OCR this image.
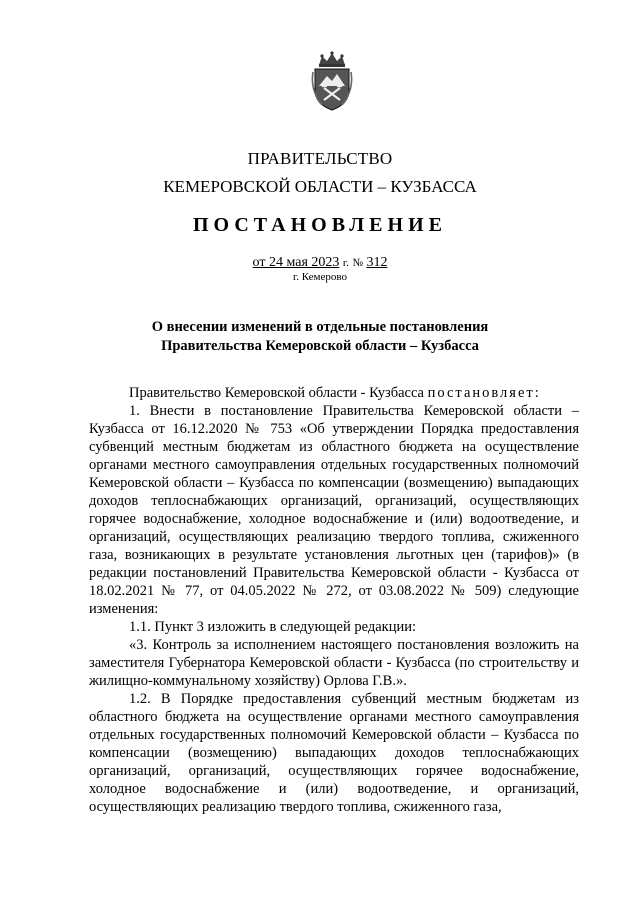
ПРАВИТЕЛЬСТВО
КЕМЕРОВСКОЙ ОБЛАСТИ – КУЗБАССА
ПОСТАНОВЛЕНИЕ
от 24 мая 2023 г. № 312
г. Кемерово
О внесении изменений в отдельные постановления
Правительства Кемеровской области – Кузбасса

Правительство Кемеровской области - Кузбасса постановляет:

1. Внести в постановление Правительства Кемеровской области – Кузбасса от 16.12.2020 № 753 «Об утверждении Порядка предоставления субвенций местным бюджетам из областного бюджета на осуществление органами местного самоуправления отдельных государственных полномочий Кемеровской области – Кузбасса по компенсации (возмещению) выпадающих доходов теплоснабжающих организаций, организаций, осуществляющих горячее водоснабжение, холодное водоснабжение и (или) водоотведение, и организаций, осуществляющих реализацию твердого топлива, сжиженного газа, возникающих в результате установления льготных цен (тарифов)» (в редакции постановлений Правительства Кемеровской области - Кузбасса от 18.02.2021 № 77, от 04.05.2022 № 272, от 03.08.2022 № 509) следующие изменения:

1.1. Пункт 3 изложить в следующей редакции:

«3. Контроль за исполнением настоящего постановления возложить на заместителя Губернатора Кемеровской области - Кузбасса (по строительству и жилищно-коммунальному хозяйству) Орлова Г.В.».

1.2. В Порядке предоставления субвенций местным бюджетам из областного бюджета на осуществление органами местного самоуправления отдельных государственных полномочий Кемеровской области – Кузбасса по компенсации (возмещению) выпадающих доходов теплоснабжающих организаций, организаций, осуществляющих горячее водоснабжение, холодное водоснабжение и (или) водоотведение, и организаций, осуществляющих реализацию твердого топлива, сжиженного газа,
